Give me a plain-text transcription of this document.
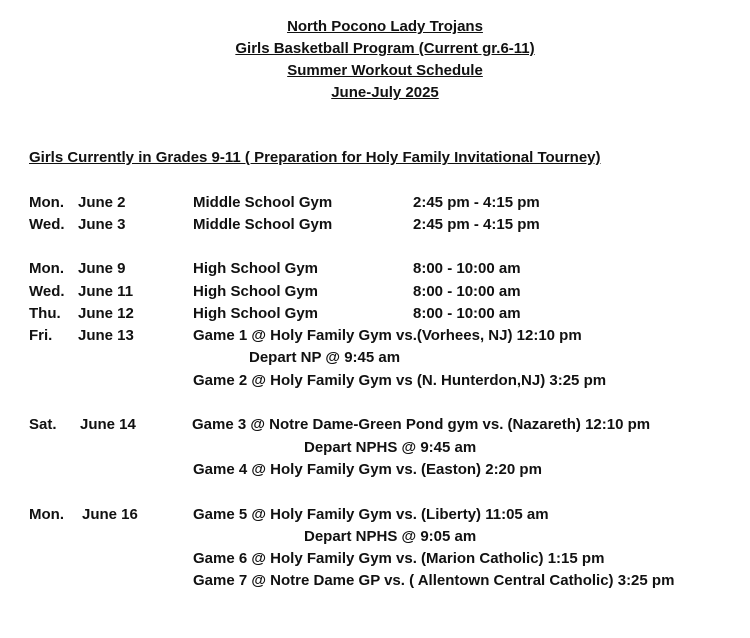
North Pocono Lady Trojans
Girls Basketball Program (Current gr.6-11)
Summer Workout Schedule
June-July 2025
Girls Currently in Grades 9-11 ( Preparation for Holy Family Invitational Tourney)
Mon. June 2	Middle School Gym	2:45 pm - 4:15 pm
Wed. June 3	Middle School Gym	2:45 pm - 4:15 pm
Mon. June 9	High School Gym	8:00 - 10:00 am
Wed. June 11	High School Gym	8:00 - 10:00 am
Thu. June 12	High School Gym	8:00 - 10:00 am
Fri. June 13	Game 1 @ Holy Family Gym vs.(Vorhees, NJ) 12:10 pm
Depart NP @ 9:45 am
Game 2 @ Holy Family Gym vs (N. Hunterdon,NJ) 3:25 pm
Sat. June 14	Game 3 @ Notre Dame-Green Pond gym vs. (Nazareth) 12:10 pm
Depart NPHS @ 9:45 am
Game 4 @ Holy Family Gym vs. (Easton) 2:20 pm
Mon. June 16	Game 5 @ Holy Family Gym vs. (Liberty) 11:05 am
Depart NPHS @ 9:05 am
Game 6 @ Holy Family Gym vs. (Marion Catholic) 1:15 pm
Game 7 @ Notre Dame GP vs. ( Allentown Central Catholic) 3:25 pm
